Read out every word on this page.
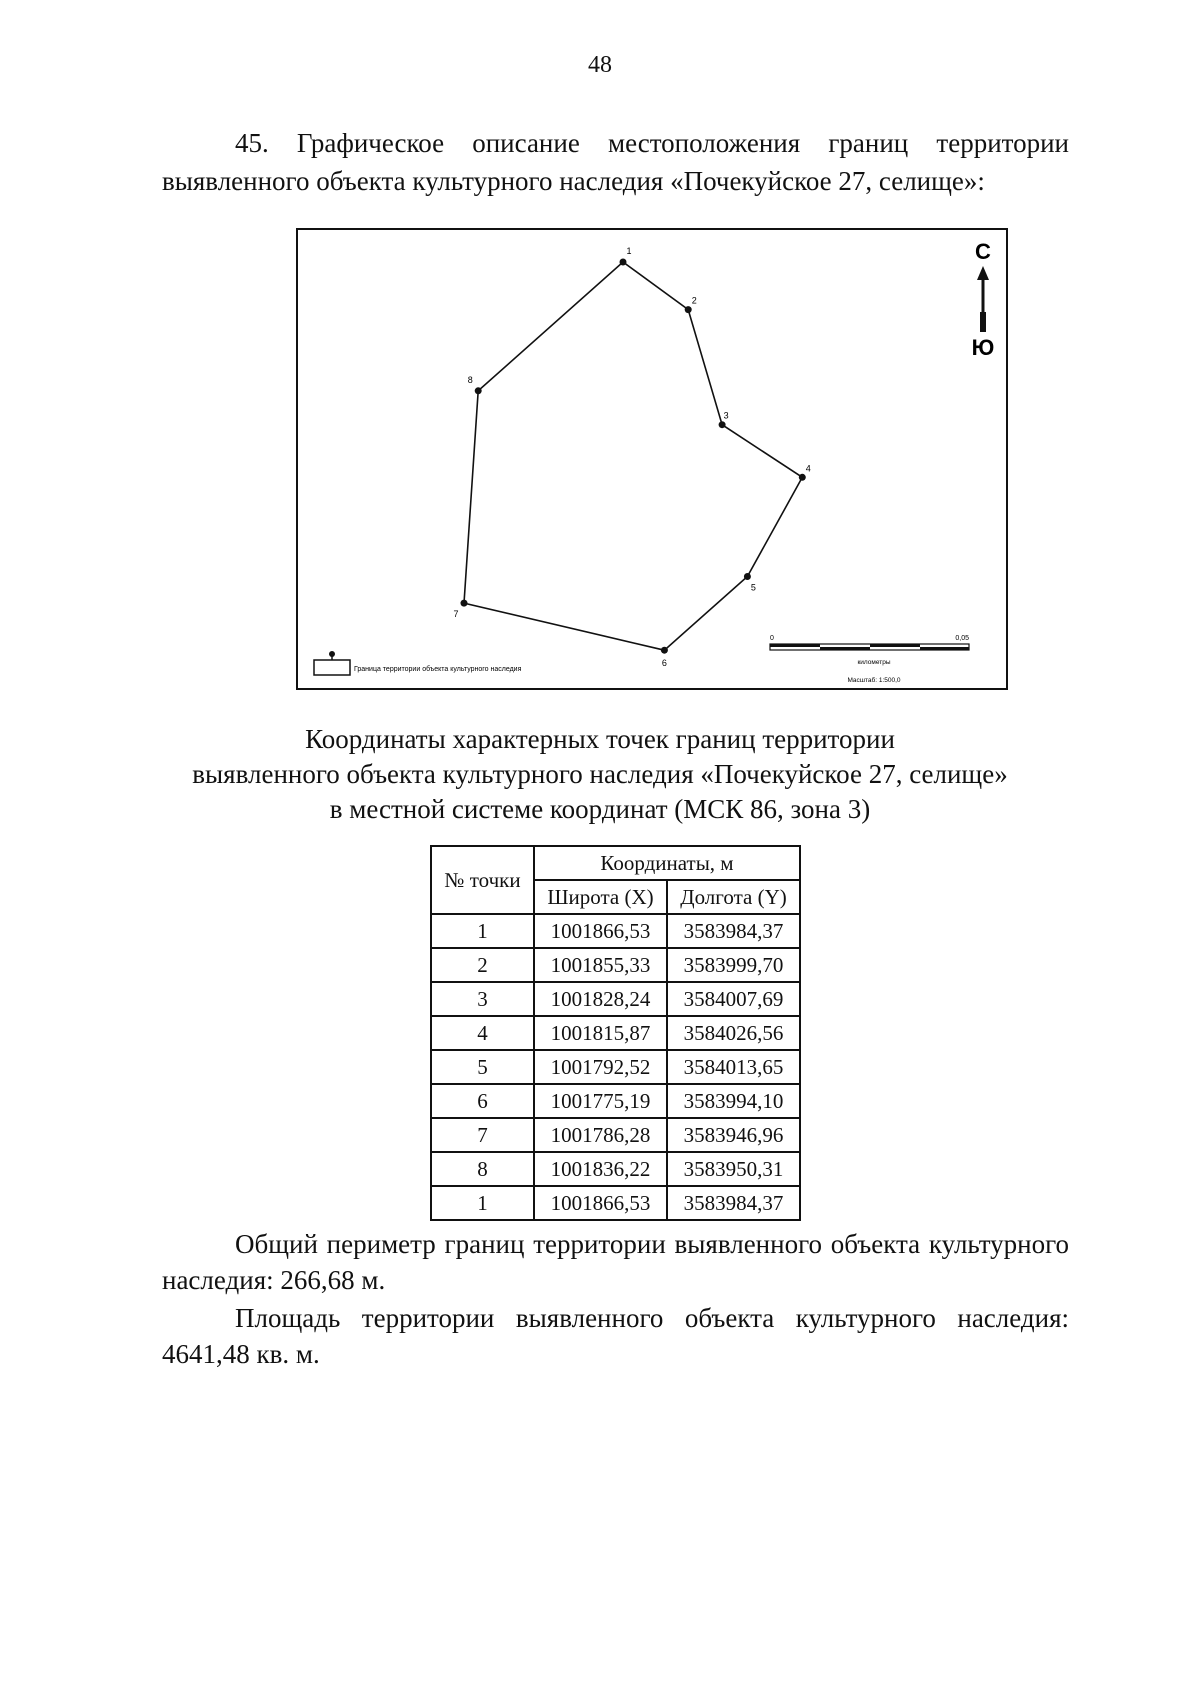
48
45. Графическое описание местоположения границ территории выявленного объекта культурного наследия «Почекуйское 27, селище»:
1
2
3
4
5
6
7
8
С
Ю
Граница территории объекта культурного наследия
0	0,05
километры
Масштаб: 1:500,0
Координаты характерных точек границ территории
выявленного объекта культурного наследия «Почекуйское 27, селище»
в местной системе координат (МСК 86, зона 3)
№ точки	Координаты, м	
	Широта (X)	Долгота (Y)
1	1001866,53	3583984,37
2	1001855,33	3583999,70
3	1001828,24	3584007,69
4	1001815,87	3584026,56
5	1001792,52	3584013,65
6	1001775,19	3583994,10
7	1001786,28	3583946,96
8	1001836,22	3583950,31
1	1001866,53	3583984,37

Общий периметр границ территории выявленного объекта культурного наследия: 266,68 м.

Площадь территории выявленного объекта культурного наследия: 4641,48 кв. м.
